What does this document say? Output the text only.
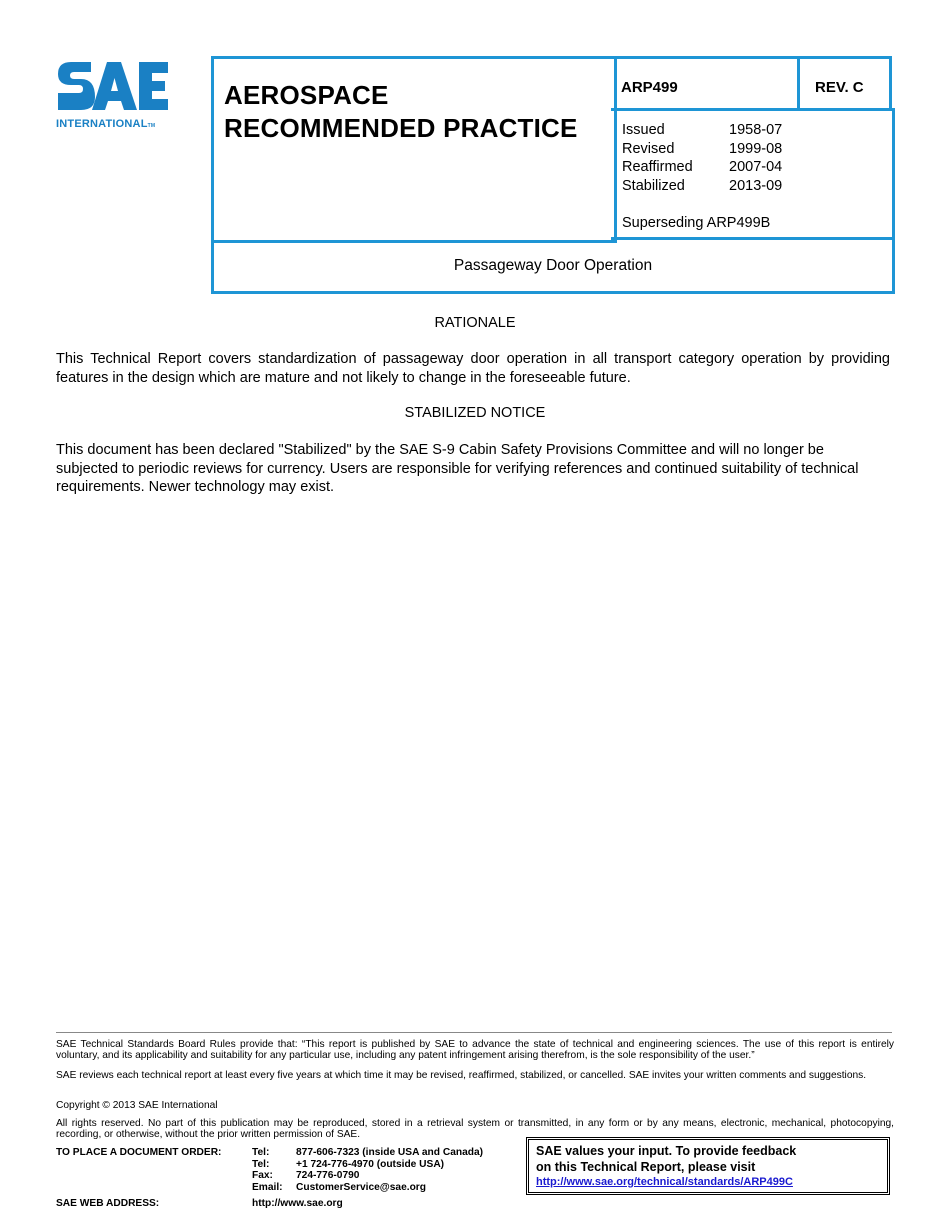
INTERNATIONALTM
AEROSPACE
RECOMMENDED PRACTICE
ARP499	REV. C
Issued	1958-07
Revised	1999-08
Reaffirmed	2007-04
Stabilized	2013-09
Superseding ARP499B
Passageway Door Operation
RATIONALE
This Technical Report covers standardization of passageway door operation in all transport category operation by providing features in the design which are mature and not likely to change in the foreseeable future.
STABILIZED NOTICE
This document has been declared "Stabilized" by the SAE S-9 Cabin Safety Provisions Committee and will no longer be subjected to periodic reviews for currency. Users are responsible for verifying references and continued suitability of technical requirements. Newer technology may exist.
SAE Technical Standards Board Rules provide that: “This report is published by SAE to advance the state of technical and engineering sciences. The use of this report is entirely voluntary, and its applicability and suitability for any particular use, including any patent infringement arising therefrom, is the sole responsibility of the user.”
SAE reviews each technical report at least every five years at which time it may be revised, reaffirmed, stabilized, or cancelled. SAE invites your written comments and suggestions.
Copyright © 2013 SAE International
All rights reserved. No part of this publication may be reproduced, stored in a retrieval system or transmitted, in any form or by any means, electronic, mechanical, photocopying, recording, or otherwise, without the prior written permission of SAE.
TO PLACE A DOCUMENT ORDER:	Tel:	877-606-7323 (inside USA and Canada)
Tel:	+1 724-776-4970 (outside USA)
Fax:	724-776-0790
Email:	CustomerService@sae.org
SAE WEB ADDRESS:	http://www.sae.org
SAE values your input. To provide feedback
on this Technical Report, please visit
http://www.sae.org/technical/standards/ARP499C
